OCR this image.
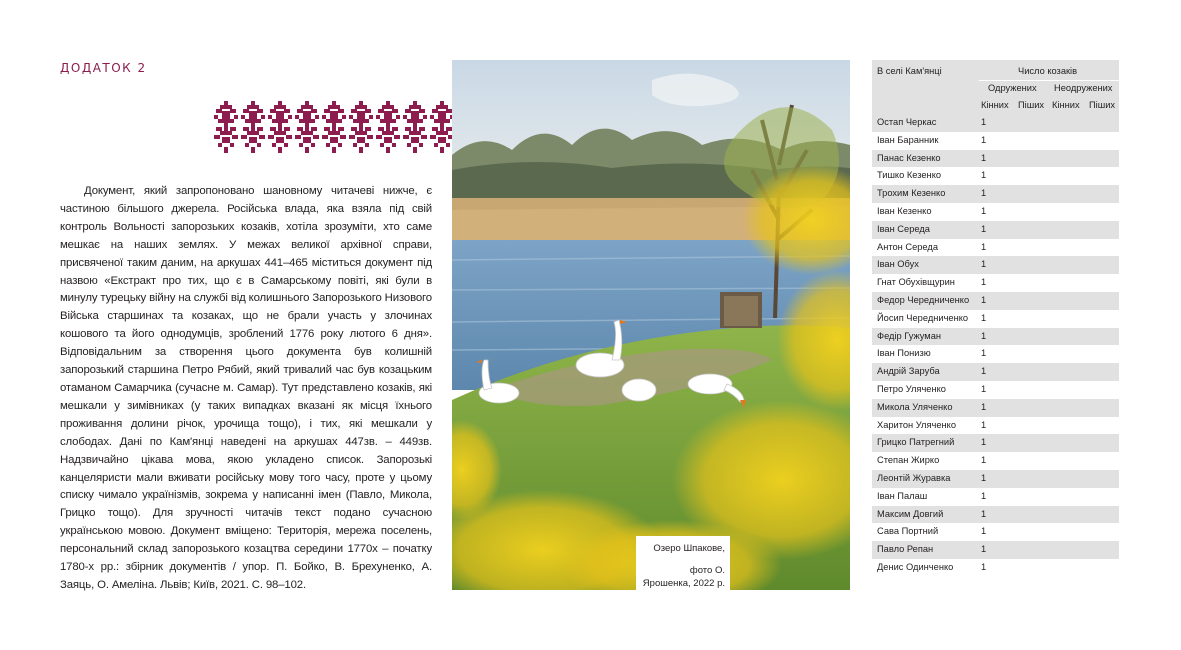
ДОДАТОК 2

Документ, який запропоновано шановному читачеві нижче, є частиною більшого джерела. Російська влада, яка взяла під свій контроль Вольності запорозьких козаків, хотіла зрозуміти, хто саме мешкає на наших землях. У межах великої архівної справи, присвяченої таким даним, на аркушах 441–465 міститься документ під назвою «Екстракт про тих, що є в Самарському повіті, які були в минулу турецьку війну на службі від колишнього Запорозького Низового Війська старшинах та козаках, що не брали участь у злочинах кошового та його однодумців, зроблений 1776 року лютого 6 дня». Відповідальним за створення цього документа був колишній запорозький старшина Петро Рябий, який тривалий час був козацьким отаманом Самарчика (сучасне м. Самар). Тут представлено козаків, які мешкали у зимівниках (у таких випадках вказані як місця їхнього проживання долини річок, урочища тощо), і тих, які мешкали у слободах. Дані по Кам'янці наведені на аркушах 447зв. – 449зв. Надзвичайно цікава мова, якою укладено список. Запорозькі канцеляристи мали вживати російську мову того часу, проте у цьому списку чимало українізмів, зокрема у написанні імен (Павло, Микола, Грицко тощо). Для зручності читачів текст подано сучасною українською мовою. Документ вміщено: Територія, мережа поселень, персональний склад запорозького козацтва середини 1770х – початку 1780-х рр.: збірник документів / упор. П. Бойко, В. Брехуненко, А. Заяць, О. Амеліна. Львів; Київ, 2021. С. 98–102.

Озеро Шпакове,
фото О. Ярошенка, 2022 р.
В селі Кам'янці	Число козаків
Одружених Неодружених
Кінних Піших Кінних Піших
Остап Черкас	1
Іван Баранник	1
Панас Кезенко	1
Тишко Кезенко	1
Трохим Кезенко	1
Іван Кезенко	1
Іван Середа	1
Антон Середа	1
Іван Обух	1
Гнат Обухівщурин	1
Федор Чередниченко 1
Йосип Чередниченко 1
Федір Гужуман	1
Іван Понизю	1
Андрій Заруба	1
Петро Уляченко	1
Микола Уляченко	1
Харитон Уляченко	1
Грицко Патрегний	1
Степан Жирко	1
Леонтій Журавка	1
Іван Палаш	1
Максим Довгий	1
Сава Портний	1
Павло Репан	1
Денис Одинченко	1
